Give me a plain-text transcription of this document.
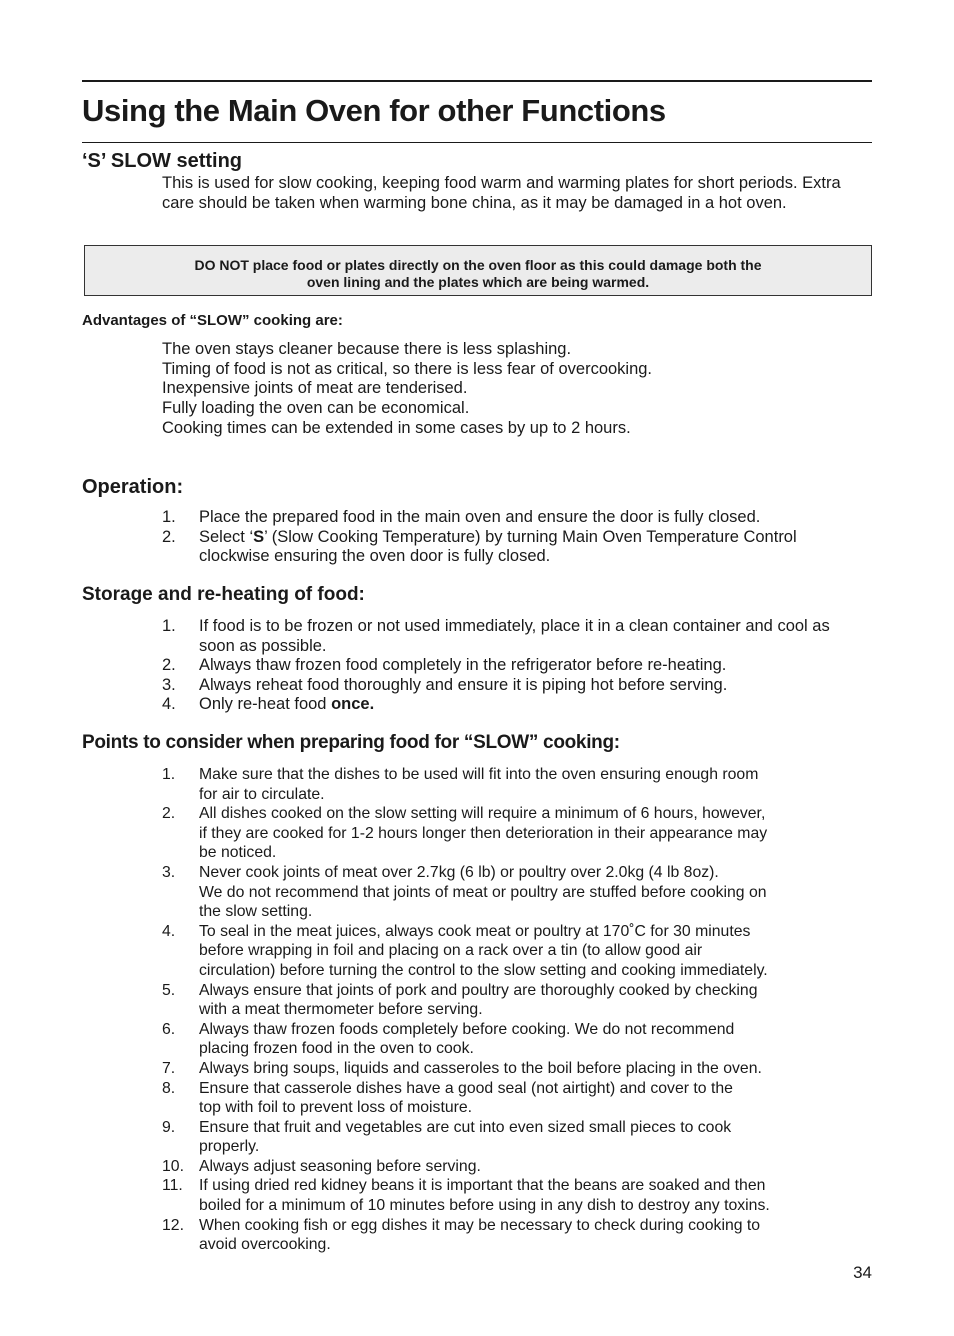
Using the Main Oven for other Functions
‘S’ SLOW setting

This is used for slow cooking, keeping food warm and warming plates for short periods. Extra care should be taken when warming bone china, as it may be damaged in a hot oven.

DO NOT place food or plates directly on the oven floor as this could damage both the
oven lining and the plates which are being warmed.
Advantages of “SLOW” cooking are:
The oven stays cleaner because there is less splashing.
Timing of food is not as critical, so there is less fear of overcooking.
Inexpensive joints of meat are tenderised.
Fully loading the oven can be economical.
Cooking times can be extended in some cases by up to 2 hours.
Operation:
1.	Place the prepared food in the main oven and ensure the door is fully closed.
2.	Select ‘S’ (Slow Cooking Temperature) by turning Main Oven Temperature Control clockwise ensuring the oven door is fully closed.
Storage and re-heating of food:
1.	If food is to be frozen or not used immediately, place it in a clean container and cool as soon as possible.
2.	Always thaw frozen food completely in the refrigerator before re-heating.
3.	Always reheat food thoroughly and ensure it is piping hot before serving.
4.	Only re-heat food once.
Points to consider when preparing food for “SLOW” cooking:
1.	Make sure that the dishes to be used will fit into the oven ensuring enough room
for air to circulate.
2.	All dishes cooked on the slow setting will require a minimum of 6 hours, however,
if they are cooked for 1-2 hours longer then deterioration in their appearance may
be noticed.
3.	Never cook joints of meat over 2.7kg (6 lb) or poultry over 2.0kg (4 lb 8oz).
We do not recommend that joints of meat or poultry are stuffed before cooking on
the slow setting.
4.	To seal in the meat juices, always cook meat or poultry at 170˚C for 30 minutes
before wrapping in foil and placing on a rack over a tin (to allow good air
circulation) before turning the control to the slow setting and cooking immediately.
5.	Always ensure that joints of pork and poultry are thoroughly cooked by checking
with a meat thermometer before serving.
6.	Always thaw frozen foods completely before cooking. We do not recommend
placing frozen food in the oven to cook.
7.	Always bring soups, liquids and casseroles to the boil before placing in the oven.
8.	Ensure that casserole dishes have a good seal (not airtight) and cover to the
top with foil to prevent loss of moisture.
9.	Ensure that fruit and vegetables are cut into even sized small pieces to cook
properly.
10. Always adjust seasoning before serving.
11.	If using dried red kidney beans it is important that the beans are soaked and then
boiled for a minimum of 10 minutes before using in any dish to destroy any toxins.
12. When cooking fish or egg dishes it may be necessary to check during cooking to
avoid overcooking.
34
